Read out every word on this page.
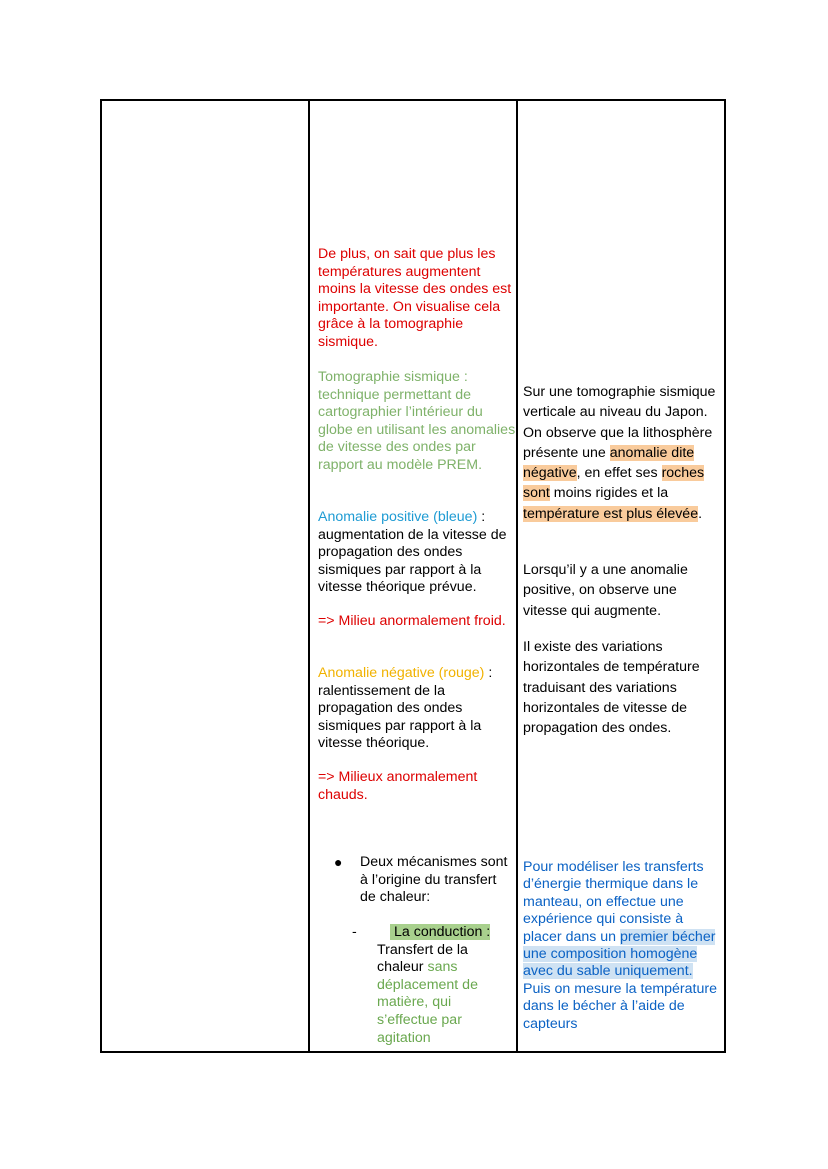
De plus, on sait que plus les températures augmentent moins la vitesse des ondes est importante. On visualise cela grâce à la tomographie sismique.

Tomographie sismique : technique permettant de cartographier l’intérieur du globe en utilisant les anomalies de vitesse des ondes par rapport au modèle PREM.

Anomalie positive (bleue) :
augmentation de la vitesse de propagation des ondes sismiques par rapport à la vitesse théorique prévue.

=> Milieu anormalement froid.

Anomalie négative (rouge) :
ralentissement de la propagation des ondes sismiques par rapport à la vitesse théorique.

=> Milieux anormalement chauds.

●	Deux mécanismes sont à l’origine du transfert de chaleur:

-	La conduction :

Transfert de la chaleur sans déplacement de matière, qui s’effectue par agitation

Sur une tomographie sismique verticale au niveau du Japon. On observe que la lithosphère présente une anomalie dite négative, en effet ses roches sont moins rigides et la température est plus élevée.

Lorsqu’il y a une anomalie positive, on observe une vitesse qui augmente.

Il existe des variations horizontales de température traduisant des variations horizontales de vitesse de propagation des ondes.

Pour modéliser les transferts d’énergie thermique dans le manteau, on effectue une expérience qui consiste à placer dans un premier bécher une composition homogène avec du sable uniquement. Puis on mesure la température dans le bécher à l’aide de capteurs
